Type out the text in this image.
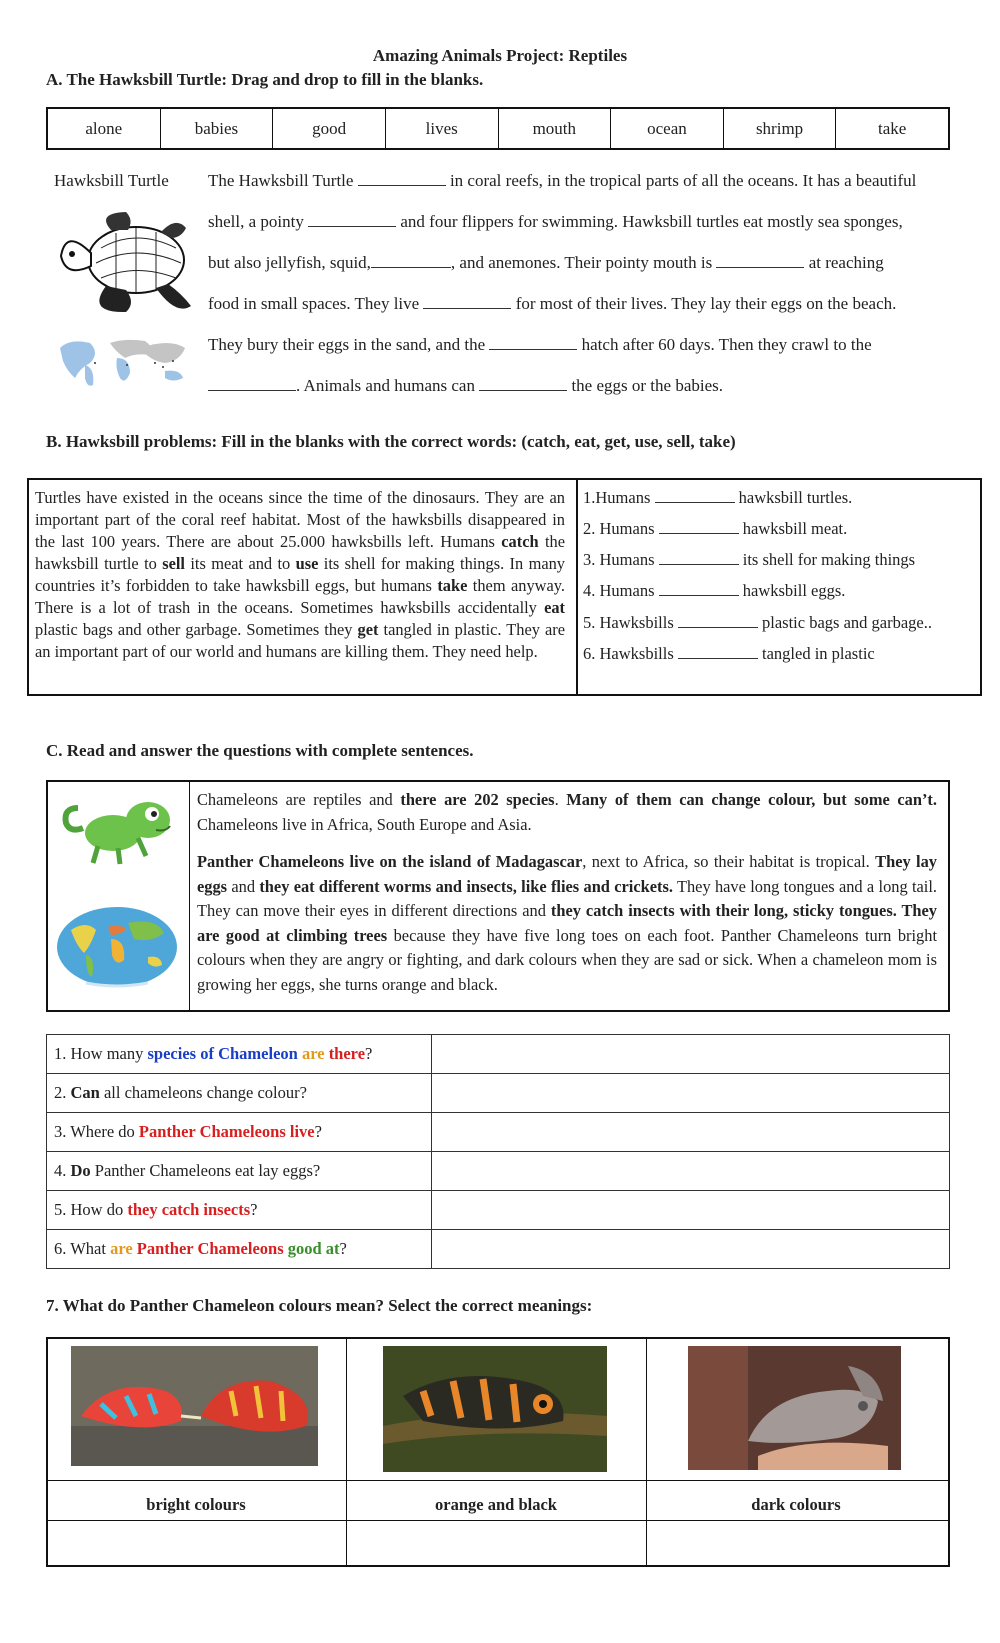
Amazing Animals Project: Reptiles
A. The Hawksbill Turtle: Drag and drop to fill in the blanks.
alone	babies	good	lives	mouth	ocean	shrimp	take
Hawksbill Turtle The Hawksbill Turtle	in coral reefs, in the tropical parts of all the oceans. It has a beautiful
shell, a pointy	and four flippers for swimming. Hawksbill turtles eat mostly sea sponges,
but also jellyfish, squid,	, and anemones. Their pointy mouth is	at reaching
food in small spaces. They live	for most of their lives. They lay their eggs on the beach.
They bury their eggs in the sand, and the	hatch after 60 days. Then they crawl to the
. Animals and humans can	the eggs or the babies.
B. Hawksbill problems: Fill in the blanks with the correct words: (catch, eat, get, use, sell, take)
Turtles have existed in the oceans since the time of the dinosaurs. They are an important part of the coral reef habitat. Most of the hawksbills disappeared in the last 100 years. There are about 25.000 hawksbills left. Humans catch the hawksbill turtle to sell its meat and to use its shell for making things. In many countries it’s forbidden to take hawksbill eggs, but humans take them anyway. There is a lot of trash in the oceans. Sometimes hawksbills accidentally eat plastic bags and other garbage. Sometimes they get tangled in plastic. They are an important part of our world and humans are killing them. They need help.
1.Humans	hawksbill turtles.
2. Humans	hawksbill meat.
3. Humans	its shell for making things
4. Humans	hawksbill eggs.
5. Hawksbills	plastic bags and garbage..
6. Hawksbills	tangled in plastic
C. Read and answer the questions with complete sentences.

Chameleons are reptiles and there are 202 species. Many of them can change colour, but some can’t. Chameleons live in Africa, South Europe and Asia.

Panther Chameleons live on the island of Madagascar, next to Africa, so their habitat is tropical. They lay eggs and they eat different worms and insects, like flies and crickets. They have long tongues and a long tail. They can move their eyes in different directions and they catch insects with their long, sticky tongues. They are good at climbing trees because they have five long toes on each foot. Panther Chameleons turn bright colours when they are angry or fighting, and dark colours when they are sad or sick. When a chameleon mom is growing her eggs, she turns orange and black.

1. How many species of Chameleon are there?	
2. Can all chameleons change colour?	
3. Where do Panther Chameleons live?	
4. Do Panther Chameleons eat lay eggs?	
5. How do they catch insects?	
6. What are Panther Chameleons good at?	
7. What do Panther Chameleon colours mean? Select the correct meanings:
bright colours	orange and black	dark colours
